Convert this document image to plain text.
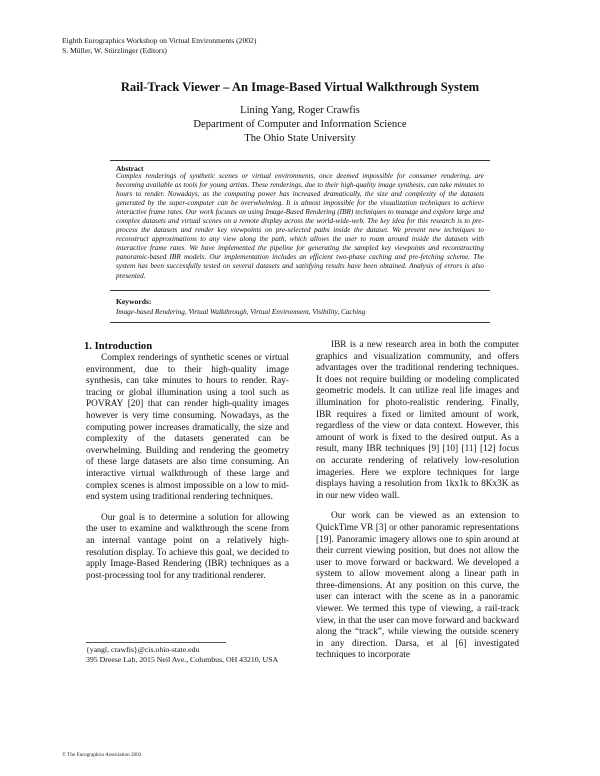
Eighth Eurographics Workshop on Virtual Environments (2002)
S. Müller, W. Stürzlinger (Editors)
Rail-Track Viewer – An Image-Based Virtual Walkthrough System
Lining Yang, Roger Crawfis
Department of Computer and Information Science
The Ohio State University
Abstract
Complex renderings of synthetic scenes or virtual environments, once deemed impossible for consumer rendering, are becoming available as tools for young artists. These renderings, due to their high-quality image synthesis, can take minutes to hours to render. Nowadays, as the computing power has increased dramatically, the size and complexity of the datasets generated by the super-computer can be overwhelming. It is almost impossible for the visualization techniques to achieve interactive frame rates. Our work focuses on using Image-Based Rendering (IBR) techniques to manage and explore large and complex datasets and virtual scenes on a remote display across the world-wide-web. The key idea for this research is to pre-process the datasets and render key viewpoints on pre-selected paths inside the dataset. We present new techniques to reconstruct approximations to any view along the path, which allows the user to roam around inside the datasets with interactive frame rates. We have implemented the pipeline for generating the sampled key viewpoints and reconstructing panoramic-based IBR models. Our implementation includes an efficient two-phase caching and pre-fetching scheme. The system has been successfully tested on several datasets and satisfying results have been obtained. Analysis of errors is also presented.
Keywords:
Image-based Rendering, Virtual Walkthrough, Virtual Environment, Visibility, Caching
1. Introduction

Complex renderings of synthetic scenes or virtual environment, due to their high-quality image synthesis, can take minutes to hours to render. Ray-tracing or global illumination using a tool such as POVRAY [20] that can render high-quality images however is very time consuming. Nowadays, as the computing power increases dramatically, the size and complexity of the datasets generated can be overwhelming. Building and rendering the geometry of these large datasets are also time consuming. An interactive virtual walkthrough of these large and complex scenes is almost impossible on a low to mid-end system using traditional rendering techniques.

Our goal is to determine a solution for allowing the user to examine and walkthrough the scene from an internal vantage point on a relatively high-resolution display. To achieve this goal, we decided to apply Image-Based Rendering (IBR) techniques as a post-processing tool for any traditional renderer.

IBR is a new research area in both the computer graphics and visualization community, and offers advantages over the traditional rendering techniques. It does not require building or modeling complicated geometric models. It can utilize real life images and illumination for photo-realistic rendering. Finally, IBR requires a fixed or limited amount of work, regardless of the view or data context. However, this amount of work is fixed to the desired output. As a result, many IBR techniques [9] [10] [11] [12] focus on accurate rendering of relatively low-resolution imageries. Here we explore techniques for large displays having a resolution from 1kx1k to 8Kx3K as in our new video wall.

Our work can be viewed as an extension to QuickTime VR [3] or other panoramic representations [19]. Panoramic imagery allows one to spin around at their current viewing position, but does not allow the user to move forward or backward. We developed a system to allow movement along a linear path in three-dimensions. At any position on this curve, the user can interact with the scene as in a panoramic viewer. We termed this type of viewing, a rail-track view, in that the user can move forward and backward along the “track”, while viewing the outside scenery in any direction. Darsa, et al [6] investigated techniques to incorporate

{yangl, crawfis}@cis.ohio-state.edu
395 Dreese Lab, 2015 Neil Ave., Columbus, OH 43210, USA
© The Eurographics Association 2002
